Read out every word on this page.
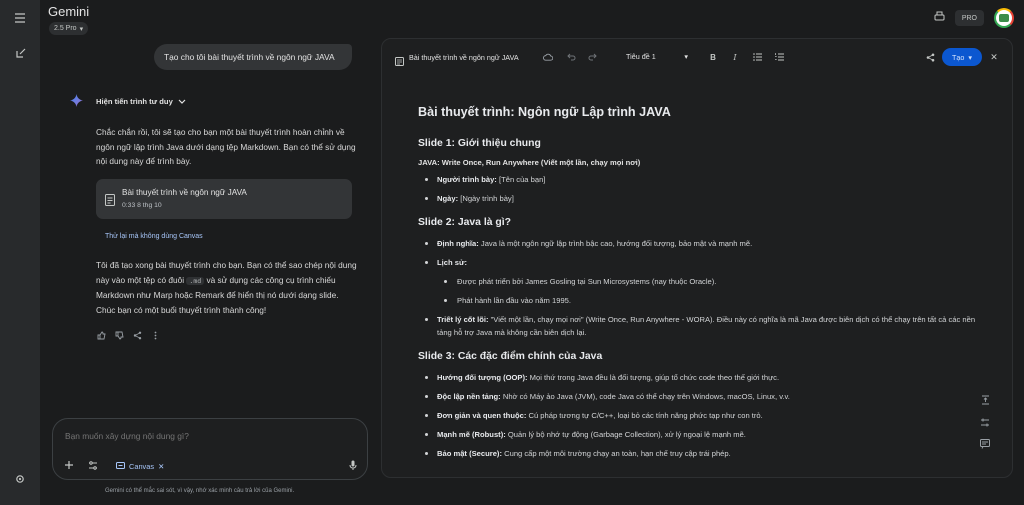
Gemini
2.5 Pro ▾
PRO
Tạo cho tôi bài thuyết trình về ngôn ngữ JAVA
Hiện tiến trình tư duy
Chắc chắn rồi, tôi sẽ tạo cho bạn một bài thuyết trình hoàn chỉnh về ngôn ngữ lập trình Java dưới dạng tệp Markdown. Bạn có thể sử dụng nội dung này để trình bày.
Bài thuyết trình về ngôn ngữ JAVA
0:33 8 thg 10
Thử lại mà không dùng Canvas
Tôi đã tạo xong bài thuyết trình cho bạn. Bạn có thể sao chép nội dung này vào một tệp có đuôi .md và sử dụng các công cụ trình chiếu Markdown như Marp hoặc Remark để hiển thị nó dưới dạng slide. Chúc bạn có một buổi thuyết trình thành công!
Bạn muốn xây dựng nội dung gì?
Canvas ✕
Gemini có thể mắc sai sót, vì vậy, nhớ xác minh câu trả lời của Gemini.
Bài thuyết trình về ngôn ngữ JAVA	Tiêu đề 1	▾	B	I	Tạo ▾ ✕
Bài thuyết trình: Ngôn ngữ Lập trình JAVA
Slide 1: Giới thiệu chung
JAVA: Write Once, Run Anywhere (Viết một lần, chạy mọi nơi)
Người trình bày: [Tên của bạn]
Ngày: [Ngày trình bày]
Slide 2: Java là gì?
Định nghĩa: Java là một ngôn ngữ lập trình bậc cao, hướng đối tượng, bảo mật và mạnh mẽ.
Lịch sử:
Được phát triển bởi James Gosling tại Sun Microsystems (nay thuộc Oracle).
Phát hành lần đầu vào năm 1995.
Triết lý cốt lõi: "Viết một lần, chạy mọi nơi" (Write Once, Run Anywhere - WORA). Điều này có nghĩa là mã Java được biên dịch có thể chạy trên tất cả các nền tảng hỗ trợ Java mà không cần biên dịch lại.
Slide 3: Các đặc điểm chính của Java
Hướng đối tượng (OOP): Mọi thứ trong Java đều là đối tượng, giúp tổ chức code theo thế giới thực.
Độc lập nền tảng: Nhờ có Máy ảo Java (JVM), code Java có thể chạy trên Windows, macOS, Linux, v.v.
Đơn giản và quen thuộc: Cú pháp tương tự C/C++, loại bỏ các tính năng phức tạp như con trỏ.
Mạnh mẽ (Robust): Quản lý bộ nhớ tự động (Garbage Collection), xử lý ngoại lệ mạnh mẽ.
Bảo mật (Secure): Cung cấp một môi trường chạy an toàn, hạn chế truy cập trái phép.
